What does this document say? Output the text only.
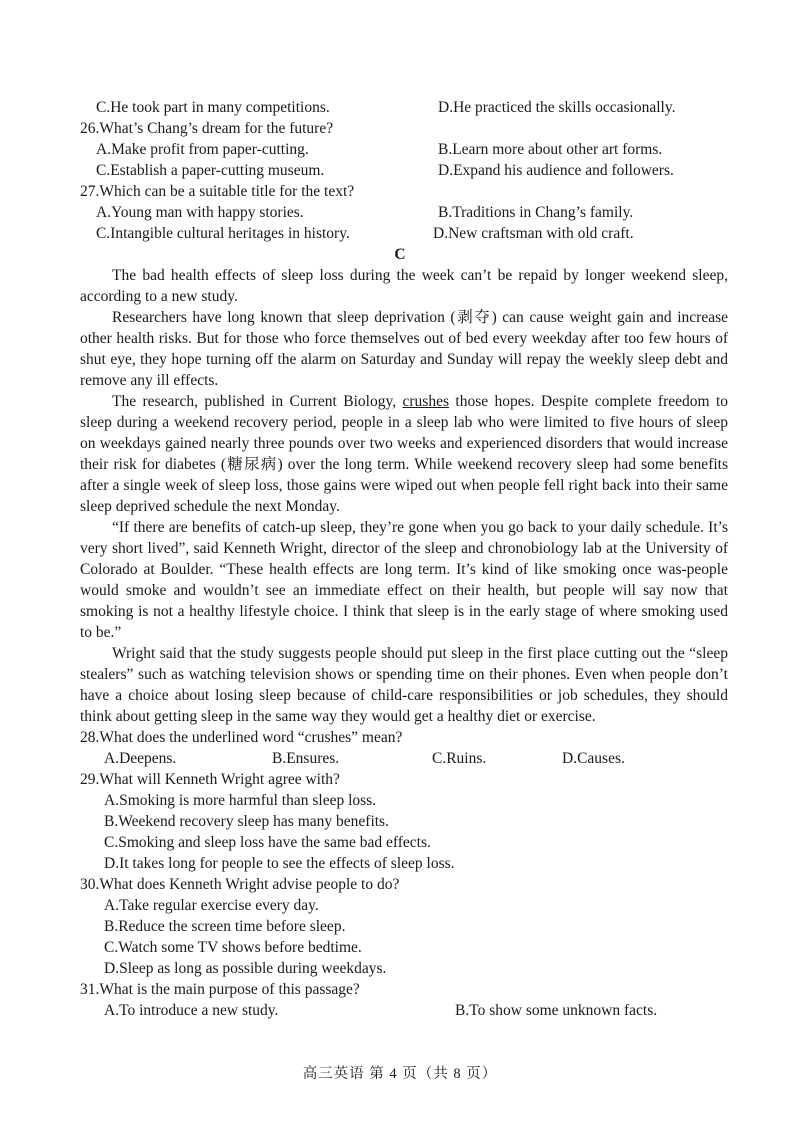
C.He took part in many competitions.	D.He practiced the skills occasionally.
26.What’s Chang’s dream for the future?
A.Make profit from paper-cutting.	B.Learn more about other art forms.
C.Establish a paper-cutting museum.	D.Expand his audience and followers.
27.Which can be a suitable title for the text?
A.Young man with happy stories.	B.Traditions in Chang’s family.
C.Intangible cultural heritages in history.	D.New craftsman with old craft.
C
The bad health effects of sleep loss during the week can’t be repaid by longer weekend sleep, according to a new study.
Researchers have long known that sleep deprivation (剥夺) can cause weight gain and increase other health risks. But for those who force themselves out of bed every weekday after too few hours of shut eye, they hope turning off the alarm on Saturday and Sunday will repay the weekly sleep debt and remove any ill effects.
The research, published in Current Biology, crushes those hopes. Despite complete freedom to sleep during a weekend recovery period, people in a sleep lab who were limited to five hours of sleep on weekdays gained nearly three pounds over two weeks and experienced disorders that would increase their risk for diabetes (糖尿病) over the long term. While weekend recovery sleep had some benefits after a single week of sleep loss, those gains were wiped out when people fell right back into their same sleep deprived schedule the next Monday.
“If there are benefits of catch-up sleep, they’re gone when you go back to your daily schedule. It’s very short lived”, said Kenneth Wright, director of the sleep and chronobiology lab at the University of Colorado at Boulder. “These health effects are long term. It’s kind of like smoking once was-people would smoke and wouldn’t see an immediate effect on their health, but people will say now that smoking is not a healthy lifestyle choice. I think that sleep is in the early stage of where smoking used to be.”
Wright said that the study suggests people should put sleep in the first place cutting out the “sleep stealers” such as watching television shows or spending time on their phones. Even when people don’t have a choice about losing sleep because of child-care responsibilities or job schedules, they should think about getting sleep in the same way they would get a healthy diet or exercise.
28.What does the underlined word “crushes” mean?
A.Deepens.	B.Ensures.	C.Ruins.	D.Causes.
29.What will Kenneth Wright agree with?
A.Smoking is more harmful than sleep loss.
B.Weekend recovery sleep has many benefits.
C.Smoking and sleep loss have the same bad effects.
D.It takes long for people to see the effects of sleep loss.
30.What does Kenneth Wright advise people to do?
A.Take regular exercise every day.
B.Reduce the screen time before sleep.
C.Watch some TV shows before bedtime.
D.Sleep as long as possible during weekdays.
31.What is the main purpose of this passage?
A.To introduce a new study.	B.To show some unknown facts.
高三英语 第 4 页（共 8 页）
